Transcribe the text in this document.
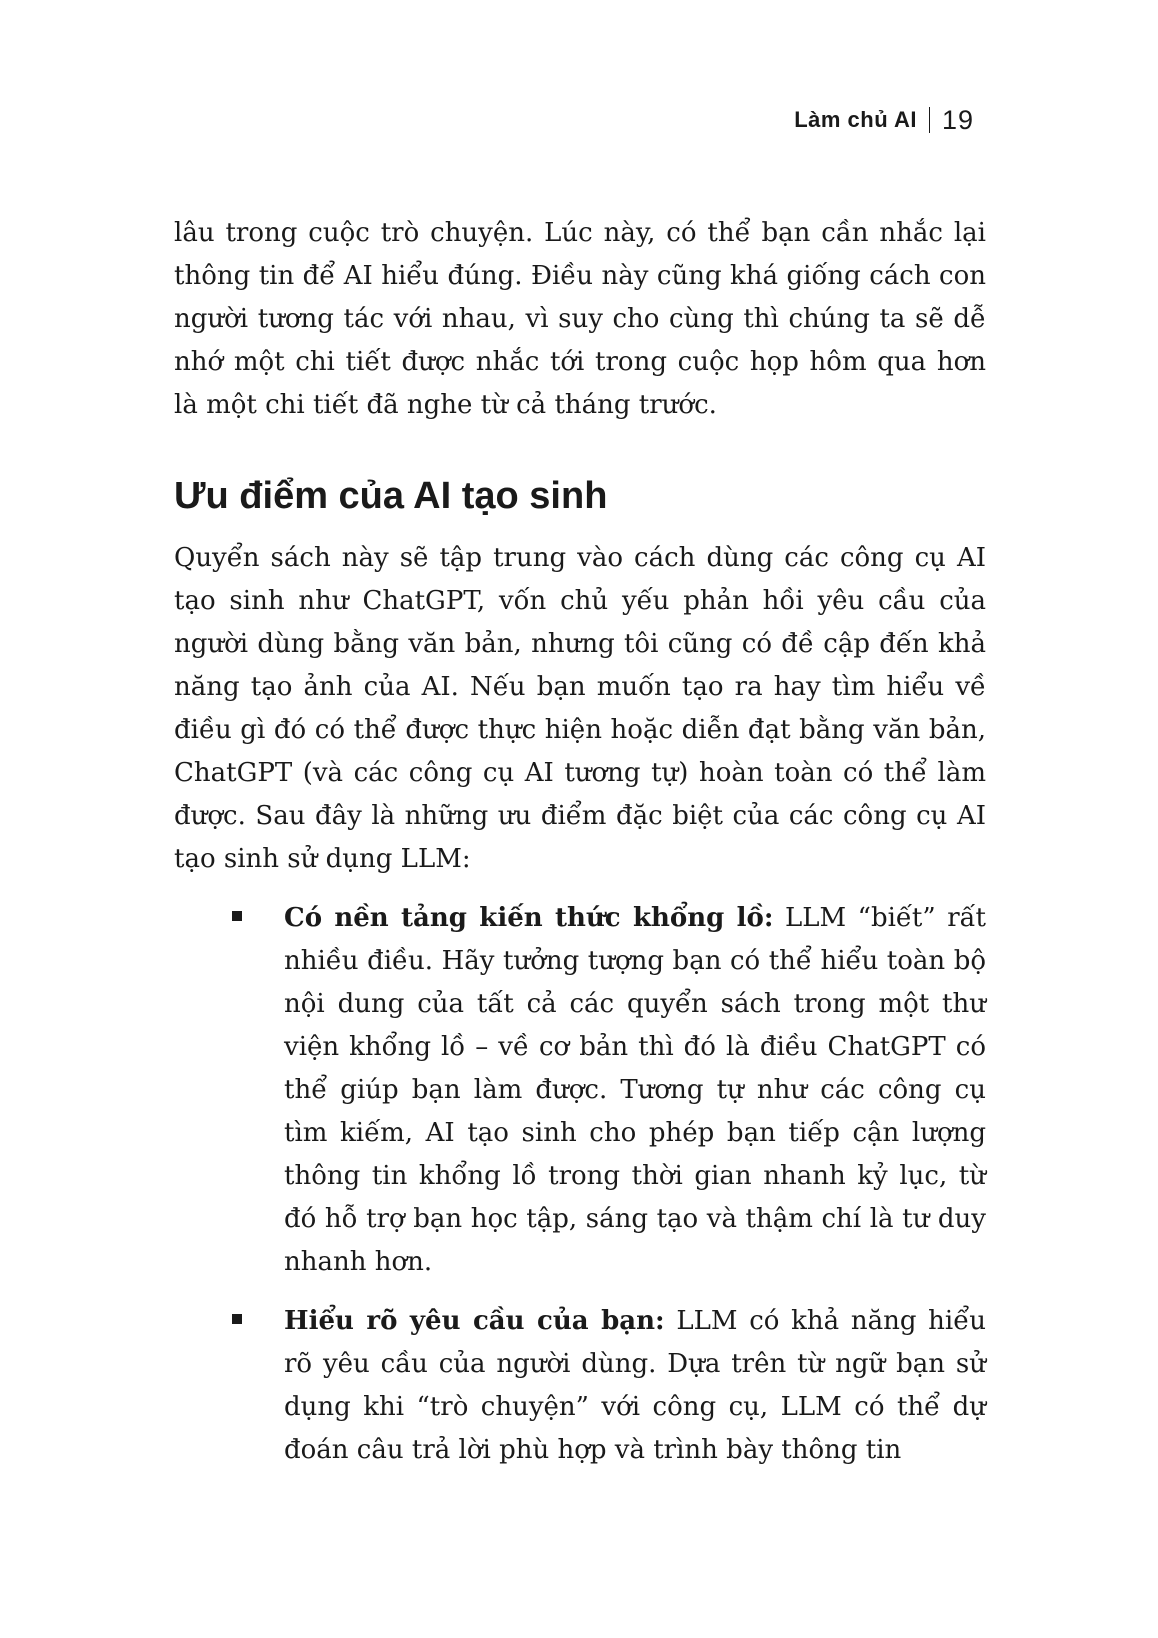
Làm chủ AI 19

lâu trong cuộc trò chuyện. Lúc này, có thể bạn cần nhắc lại thông tin để AI hiểu đúng. Điều này cũng khá giống cách con người tương tác với nhau, vì suy cho cùng thì chúng ta sẽ dễ nhớ một chi tiết được nhắc tới trong cuộc họp hôm qua hơn là một chi tiết đã nghe từ cả tháng trước.

Ưu điểm của AI tạo sinh

Quyển sách này sẽ tập trung vào cách dùng các công cụ AI tạo sinh như ChatGPT, vốn chủ yếu phản hồi yêu cầu của người dùng bằng văn bản, nhưng tôi cũng có đề cập đến khả năng tạo ảnh của AI. Nếu bạn muốn tạo ra hay tìm hiểu về điều gì đó có thể được thực hiện hoặc diễn đạt bằng văn bản, ChatGPT (và các công cụ AI tương tự) hoàn toàn có thể làm được. Sau đây là những ưu điểm đặc biệt của các công cụ AI tạo sinh sử dụng LLM:

Có nền tảng kiến thức khổng lồ: LLM “biết” rất nhiều điều. Hãy tưởng tượng bạn có thể hiểu toàn bộ nội dung của tất cả các quyển sách trong một thư viện khổng lồ – về cơ bản thì đó là điều ChatGPT có thể giúp bạn làm được. Tương tự như các công cụ tìm kiếm, AI tạo sinh cho phép bạn tiếp cận lượng thông tin khổng lồ trong thời gian nhanh kỷ lục, từ đó hỗ trợ bạn học tập, sáng tạo và thậm chí là tư duy nhanh hơn.
Hiểu rõ yêu cầu của bạn: LLM có khả năng hiểu rõ yêu cầu của người dùng. Dựa trên từ ngữ bạn sử dụng khi “trò chuyện” với công cụ, LLM có thể dự đoán câu trả lời phù hợp và trình bày thông tin
